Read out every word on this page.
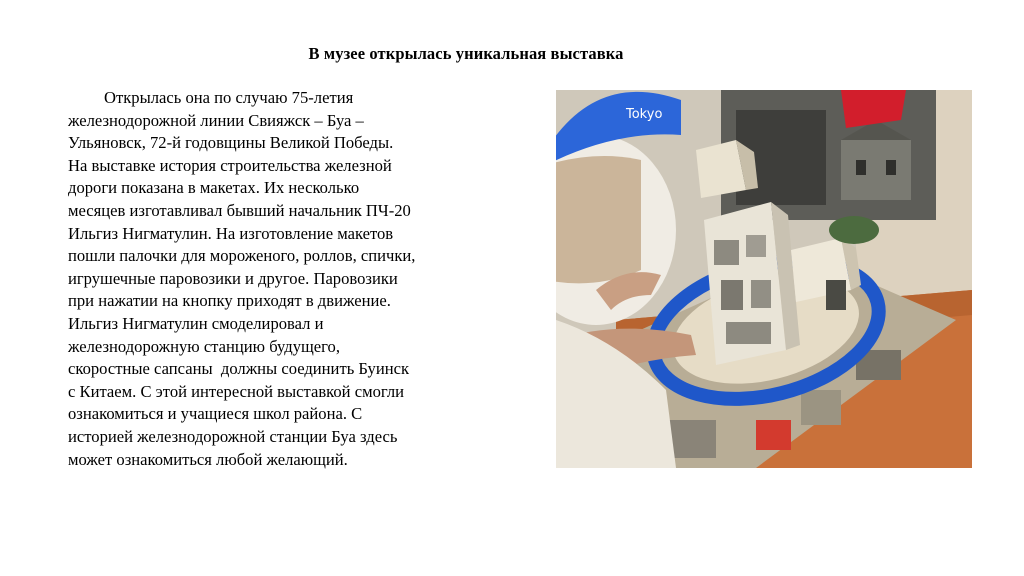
В музее открылась уникальная выставка
Открылась она по случаю 75-летия
железнодорожной линии Свияжск – Буа –
Ульяновск, 72-й годовщины Великой Победы.
На выставке история строительства железной
дороги показана в макетах. Их несколько
месяцев изготавливал бывший начальник ПЧ-20
Ильгиз Нигматулин. На изготовление макетов
пошли палочки для мороженого, роллов, спички,
игрушечные паровозики и другое. Паровозики
при нажатии на кнопку приходят в движение.
Ильгиз Нигматулин смоделировал и
железнодорожную станцию будущего,
скоростные сапсаны  должны соединить Буинск
с Китаем. С этой интересной выставкой смогли
ознакомиться и учащиеся школ района. С
историей железнодорожной станции Буа здесь
может ознакомиться любой желающий.
Tokyo
